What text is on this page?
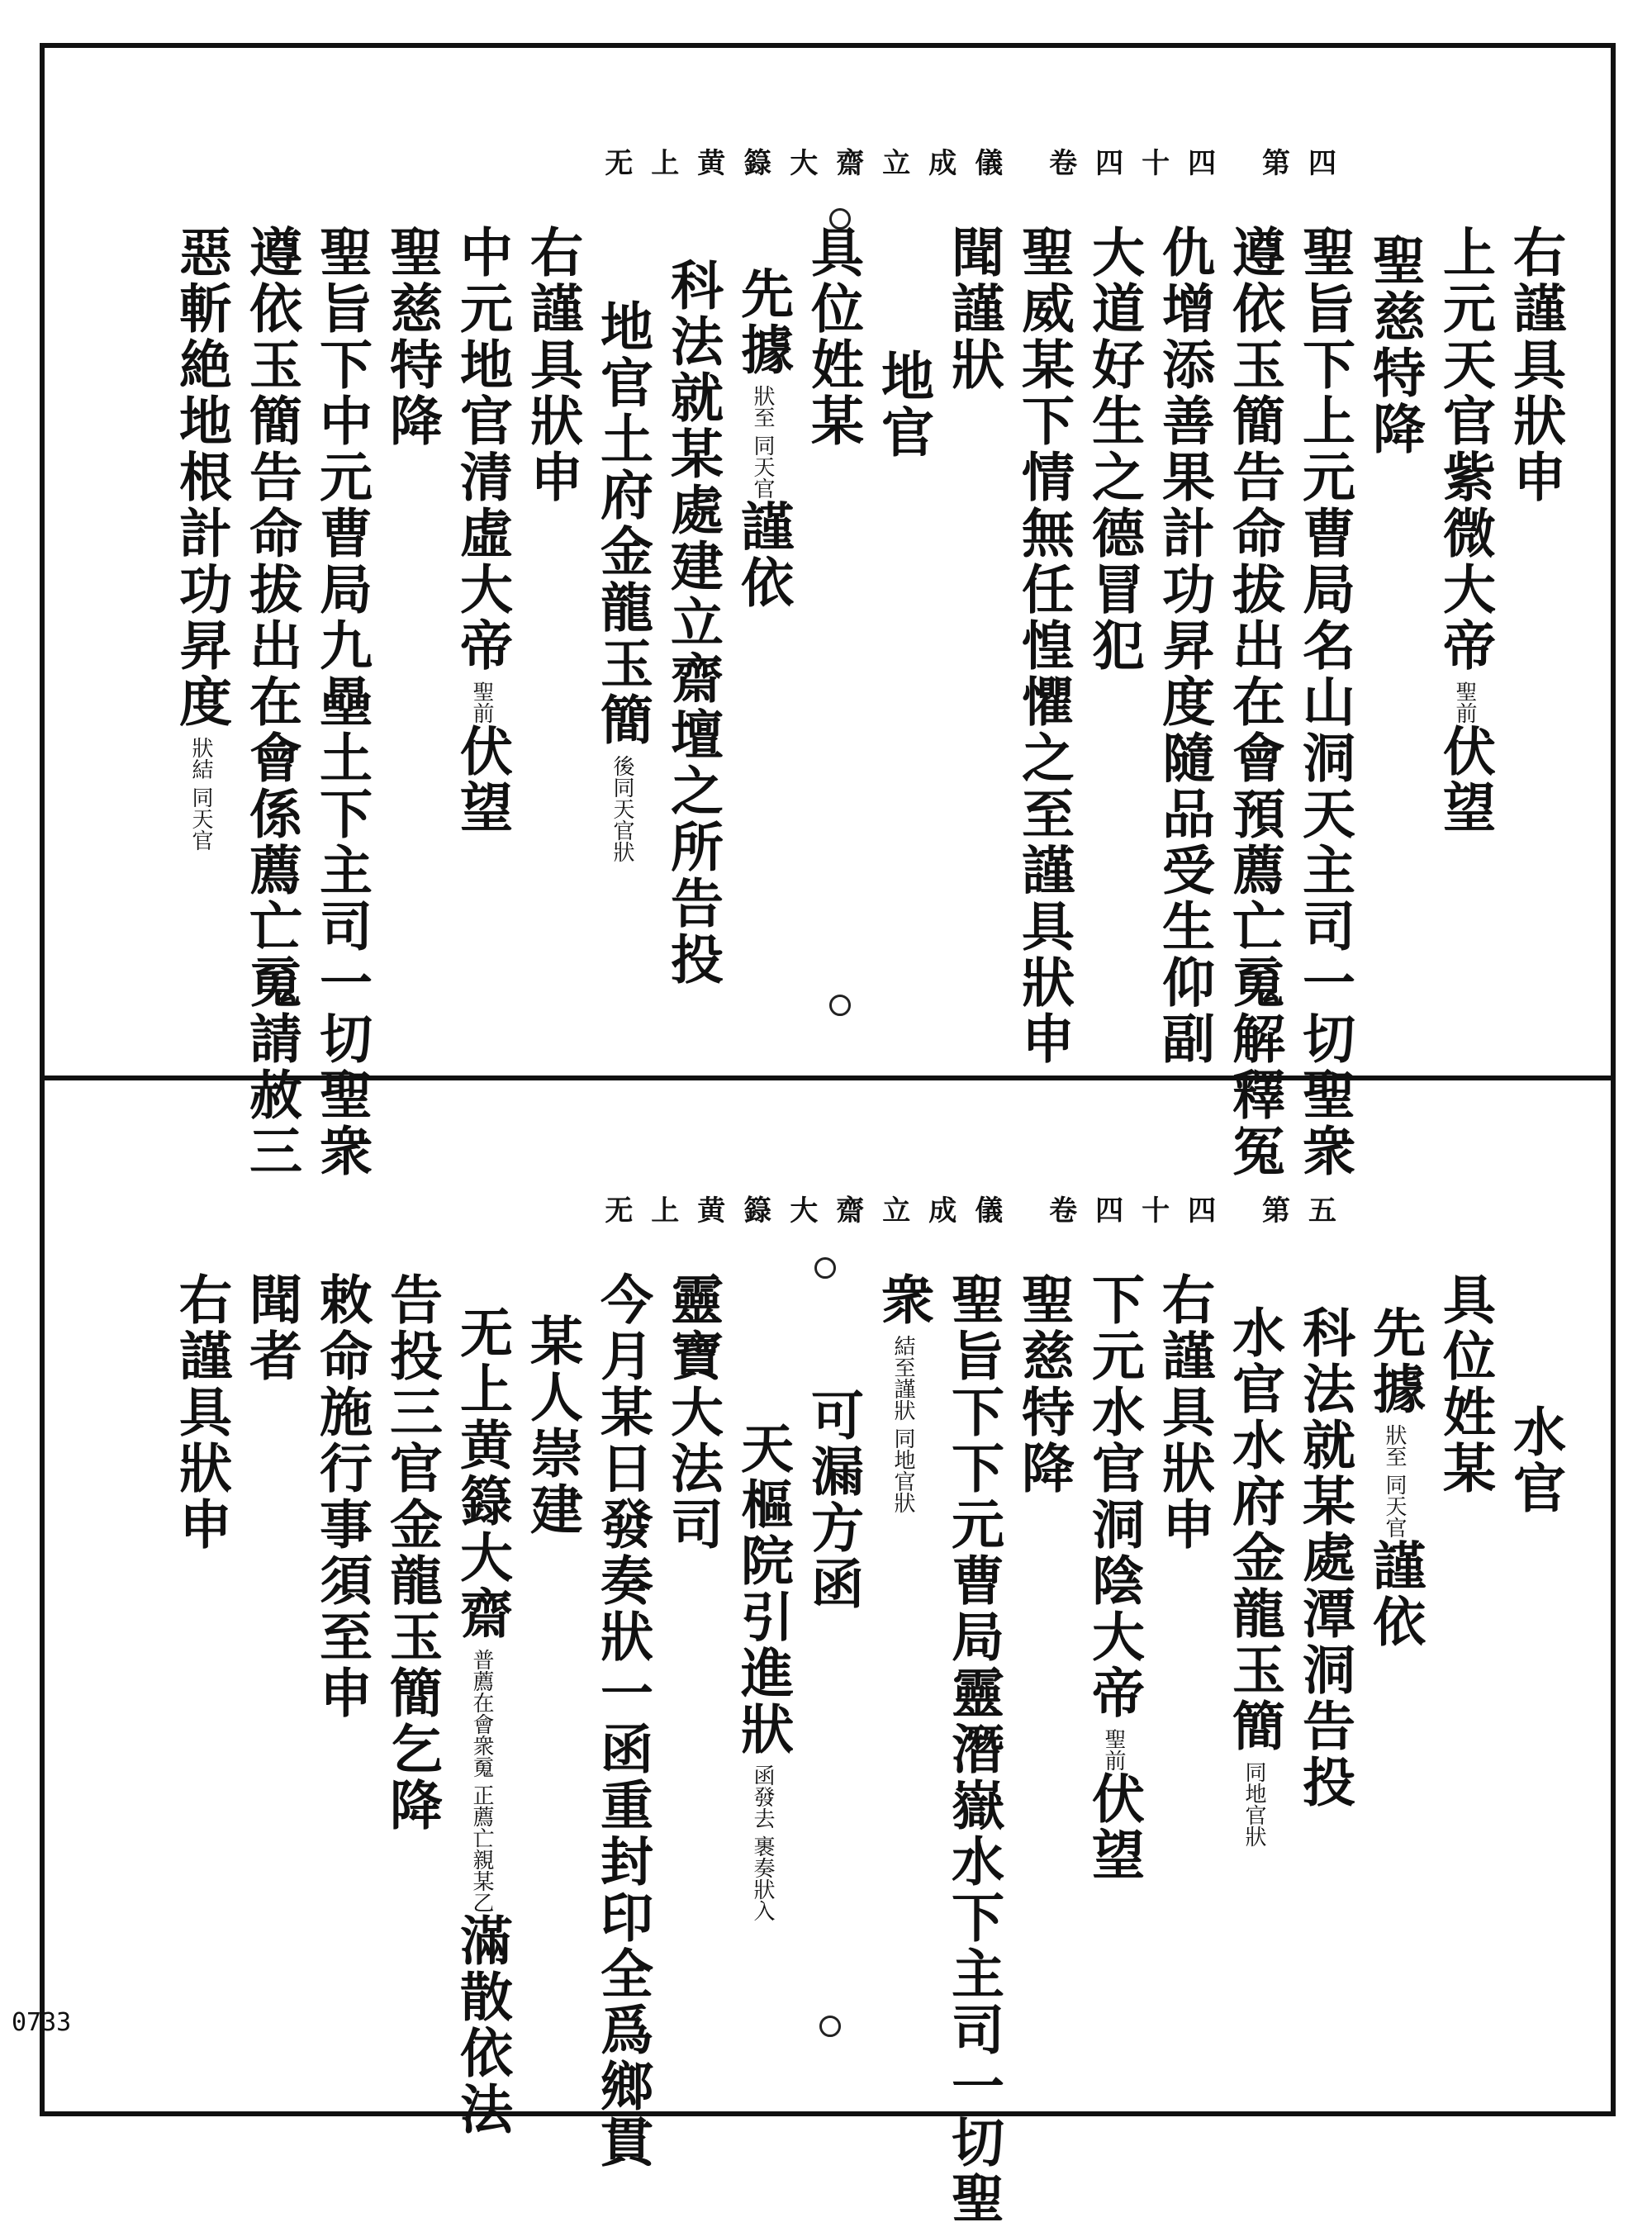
无上黄籙大齋立成儀 卷四十四 第四
无上黄籙大齋立成儀 卷四十四 第五
右謹具狀申
上元天官紫微大帝聖前伏望
聖慈特降
聖旨下上元曹局名山洞天主司一切聖衆
遵依玉簡告命拔出在會預薦亡䰟解釋冤
仇增添善果計功昇度隨品受生仰副
大道好生之德冒犯
聖威某下情無任惶懼之至謹具狀申
聞謹狀
地官
具位姓某
先據狀至 同天官謹依
科法就某處建立齋壇之所告投
地官土府金龍玉簡後同天官狀
右謹具狀申
中元地官清虛大帝聖前伏望
聖慈特降
聖旨下中元曹局九壘土下主司一切聖衆
遵依玉簡告命拔出在會係薦亡䰟請赦三
惡斬絶地根計功昇度狀結 同天官
水官
具位姓某
先據狀至 同天官謹依
科法就某處潭洞告投
水官水府金龍玉簡同地官狀
右謹具狀申
下元水官洞陰大帝聖前伏望
聖慈特降
聖旨下下元曹局靈潛嶽水下主司一切聖
衆結至謹狀 同地官狀
可漏方函
天樞院引進狀函發去 裹奏狀入
靈寶大法司
今月某日發奏狀一函重封印全爲鄉貫
某人崇建
无上黄籙大齋普薦在會衆䰟 正薦亡親某乙滿散依法
告投三官金龍玉簡乞降
敕命施行事須至申
聞者
右謹具狀申
0733
